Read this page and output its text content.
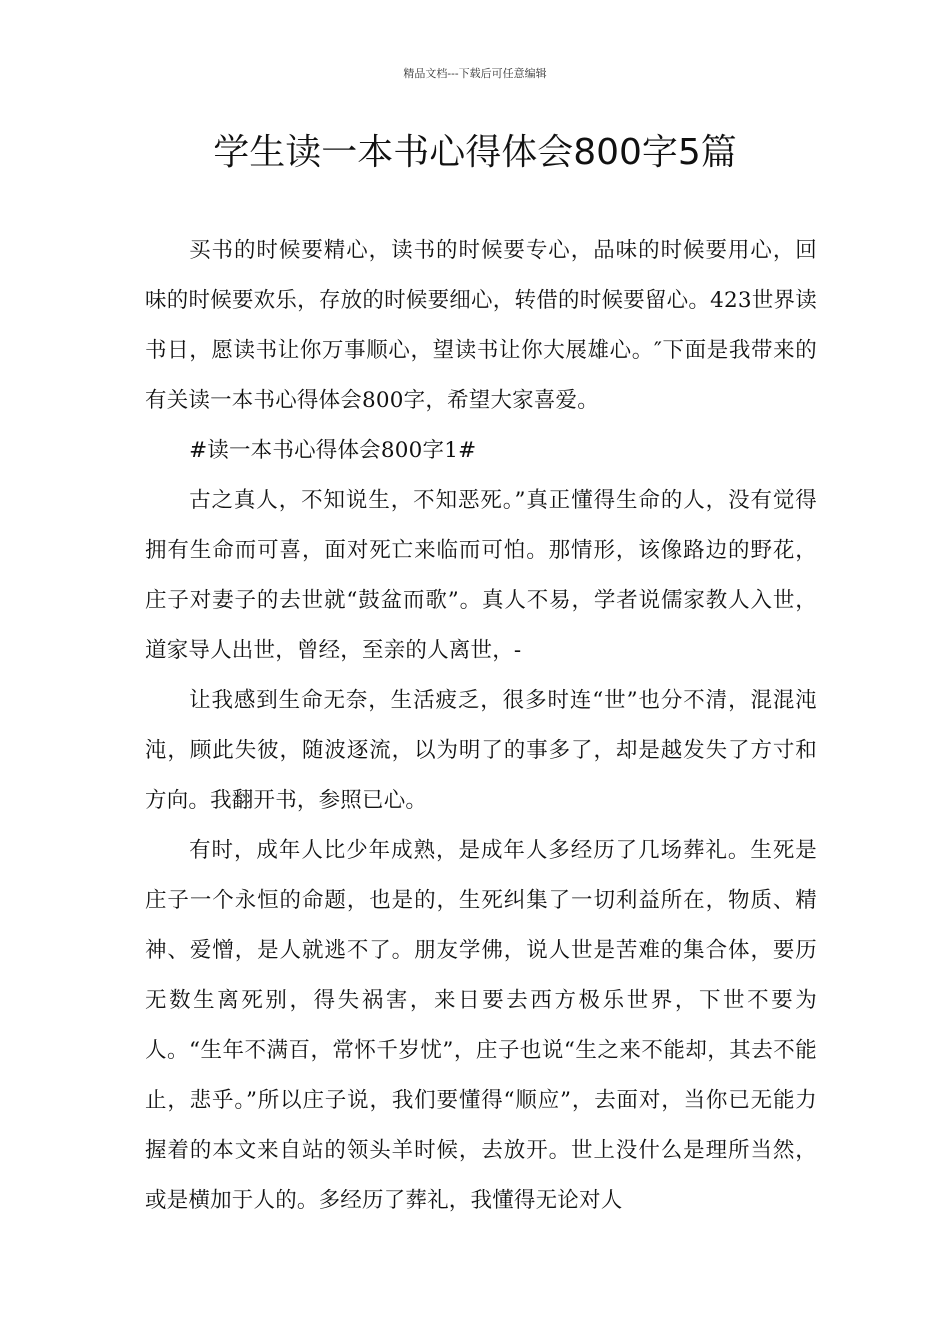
精品文档---下载后可任意编辑
学生读一本书心得体会800字5篇

买书的时候要精心，读书的时候要专心，品味的时候要用心，回味的时候要欢乐，存放的时候要细心，转借的时候要留心。423世界读书日，愿读书让你万事顺心，望读书让你大展雄心。″下面是我带来的有关读一本书心得体会800字，希望大家喜爱。

#读一本书心得体会800字1#

古之真人，不知说生，不知恶死。”真正懂得生命的人，没有觉得拥有生命而可喜，面对死亡来临而可怕。那情形，该像路边的野花，庄子对妻子的去世就“鼓盆而歌”。真人不易，学者说儒家教人入世，道家导人出世，曾经，至亲的人离世，-

让我感到生命无奈，生活疲乏，很多时连“世”也分不清，混混沌沌，顾此失彼，随波逐流，以为明了的事多了，却是越发失了方寸和方向。我翻开书，参照已心。

有时，成年人比少年成熟，是成年人多经历了几场葬礼。生死是庄子一个永恒的命题，也是的，生死纠集了一切利益所在，物质、精神、爱憎，是人就逃不了。朋友学佛，说人世是苦难的集合体，要历无数生离死别，得失祸害，来日要去西方极乐世界，下世不要为人。“生年不满百，常怀千岁忧”，庄子也说“生之来不能却，其去不能止，悲乎。”所以庄子说，我们要懂得“顺应”，去面对，当你已无能力握着的本文来自站的领头羊时候，去放开。世上没什么是理所当然，或是横加于人的。多经历了葬礼，我懂得无论对人
